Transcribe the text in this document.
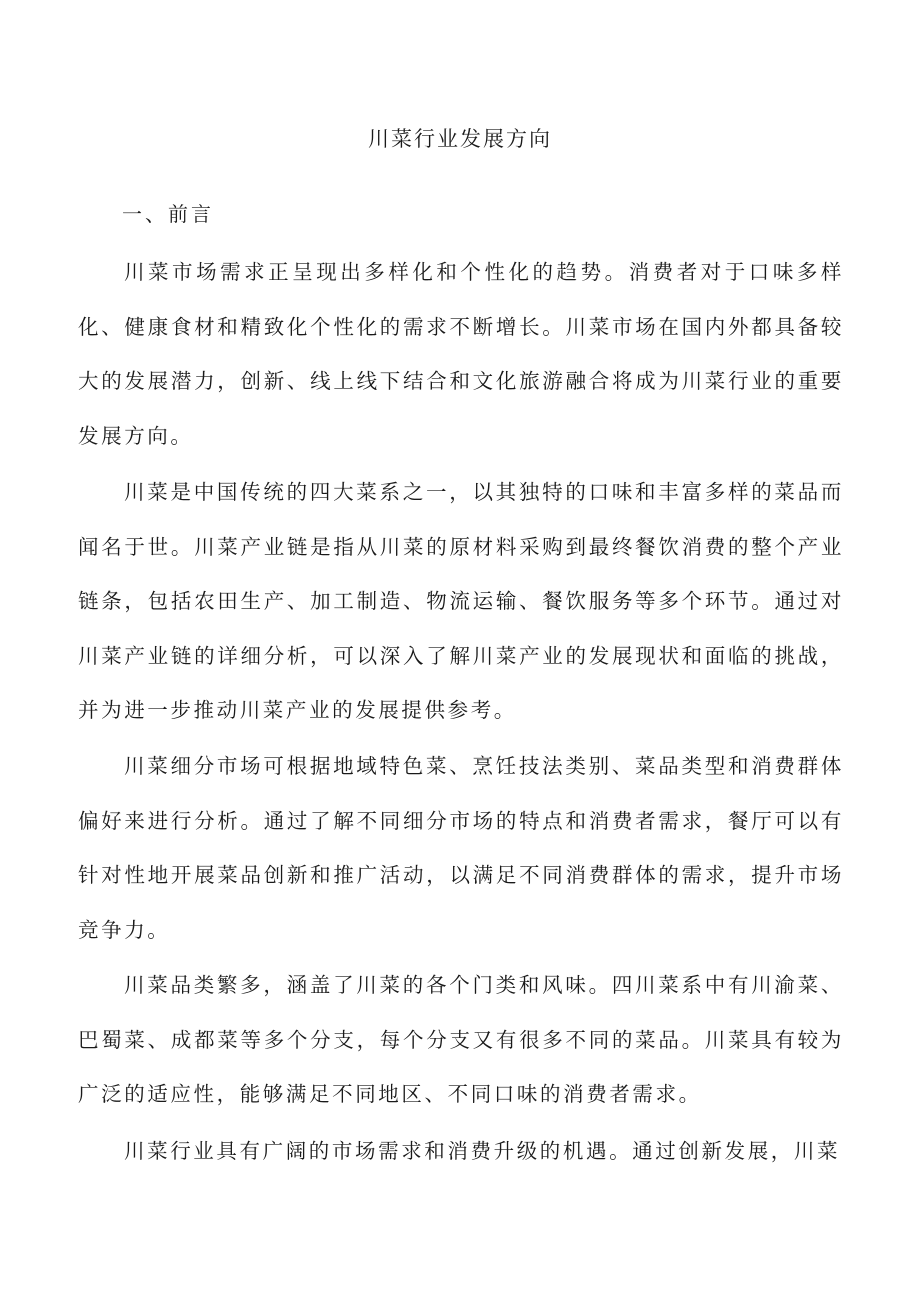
川菜行业发展方向
一、前言

川菜市场需求正呈现出多样化和个性化的趋势。消费者对于口味多样化、健康食材和精致化个性化的需求不断增长。川菜市场在国内外都具备较大的发展潜力，创新、线上线下结合和文化旅游融合将成为川菜行业的重要发展方向。

川菜是中国传统的四大菜系之一，以其独特的口味和丰富多样的菜品而闻名于世。川菜产业链是指从川菜的原材料采购到最终餐饮消费的整个产业链条，包括农田生产、加工制造、物流运输、餐饮服务等多个环节。通过对川菜产业链的详细分析，可以深入了解川菜产业的发展现状和面临的挑战，并为进一步推动川菜产业的发展提供参考。

川菜细分市场可根据地域特色菜、烹饪技法类别、菜品类型和消费群体偏好来进行分析。通过了解不同细分市场的特点和消费者需求，餐厅可以有针对性地开展菜品创新和推广活动，以满足不同消费群体的需求，提升市场竞争力。

川菜品类繁多，涵盖了川菜的各个门类和风味。四川菜系中有川渝菜、巴蜀菜、成都菜等多个分支，每个分支又有很多不同的菜品。川菜具有较为广泛的适应性，能够满足不同地区、不同口味的消费者需求。

川菜行业具有广阔的市场需求和消费升级的机遇。通过创新发展，川菜
